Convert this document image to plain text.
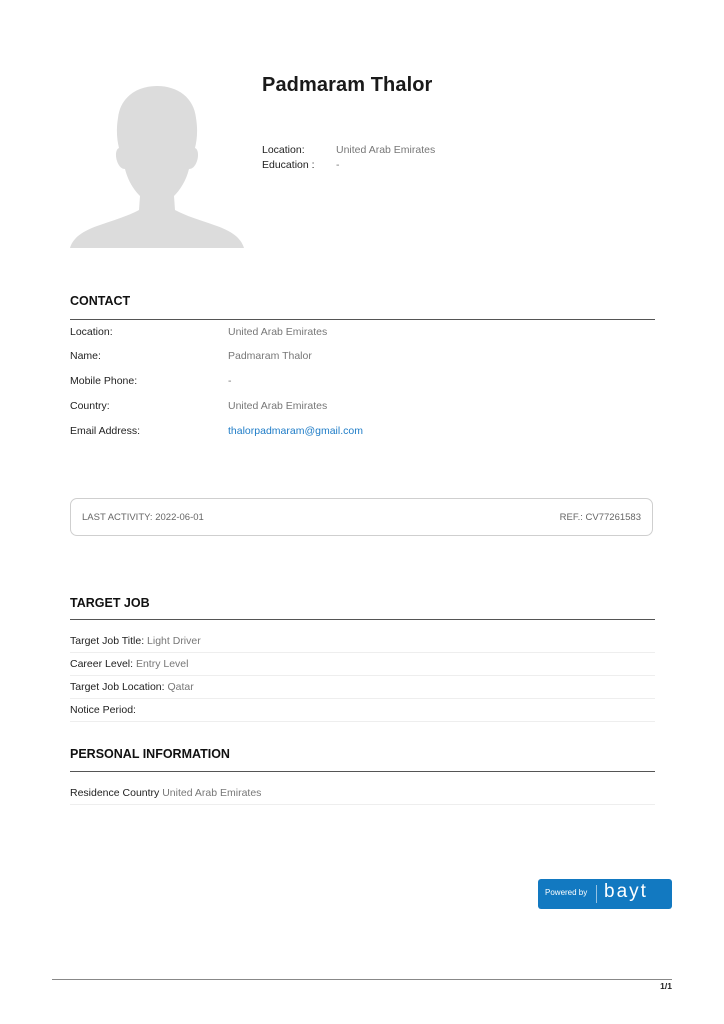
Padmaram Thalor
Location:	United Arab Emirates
Education : -
CONTACT
Location:	United Arab Emirates
Name:	Padmaram Thalor
Mobile Phone:	-
Country:	United Arab Emirates
Email Address:	thalorpadmaram@gmail.com
LAST ACTIVITY: 2022-06-01	REF.: CV77261583
TARGET JOB
Target Job Title: Light Driver
Career Level: Entry Level
Target Job Location: Qatar
Notice Period:
PERSONAL INFORMATION
Residence Country United Arab Emirates
Powered by bayt
1/1
